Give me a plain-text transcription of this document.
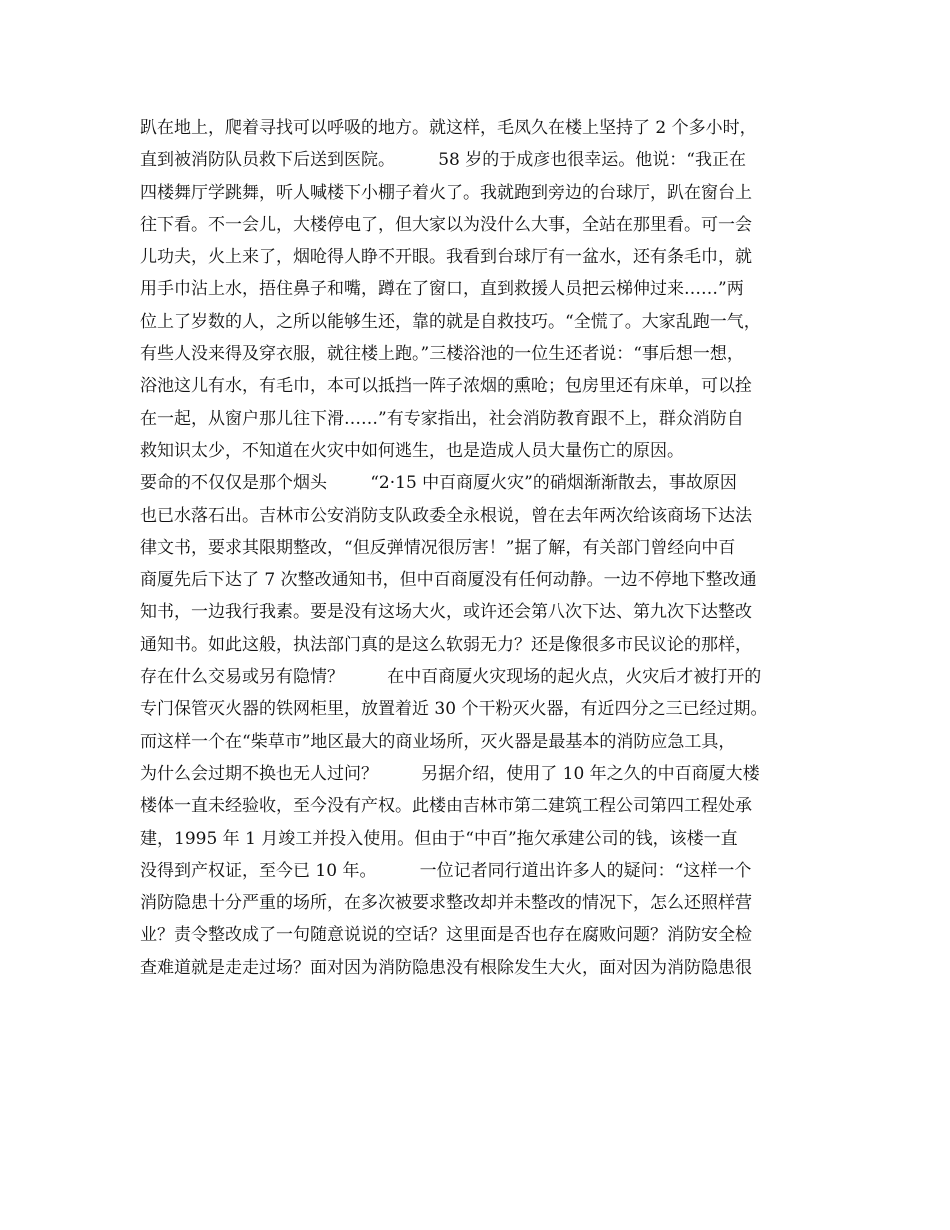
趴在地上，爬着寻找可以呼吸的地方。就这样，毛凤久在楼上坚持了 2 个多小时，
直到被消防队员救下后送到医院。        58 岁的于成彦也很幸运。他说：“我正在
四楼舞厅学跳舞，听人喊楼下小棚子着火了。我就跑到旁边的台球厅，趴在窗台上
往下看。不一会儿，大楼停电了，但大家以为没什么大事，全站在那里看。可一会
儿功夫，火上来了，烟呛得人睁不开眼。我看到台球厅有一盆水，还有条毛巾，就
用手巾沾上水，捂住鼻子和嘴，蹲在了窗口，直到救援人员把云梯伸过来……”两
位上了岁数的人，之所以能够生还，靠的就是自救技巧。“全慌了。大家乱跑一气，
有些人没来得及穿衣服，就往楼上跑。”三楼浴池的一位生还者说：“事后想一想，
浴池这儿有水，有毛巾，本可以抵挡一阵子浓烟的熏呛；包房里还有床单，可以拴
在一起，从窗户那儿往下滑……”有专家指出，社会消防教育跟不上，群众消防自
救知识太少，不知道在火灾中如何逃生，也是造成人员大量伤亡的原因。
要命的不仅仅是那个烟头        “2·15 中百商厦火灾”的硝烟渐渐散去，事故原因
也已水落石出。吉林市公安消防支队政委全永根说，曾在去年两次给该商场下达法
律文书，要求其限期整改，“但反弹情况很厉害！”据了解，有关部门曾经向中百
商厦先后下达了 7 次整改通知书，但中百商厦没有任何动静。一边不停地下整改通
知书，一边我行我素。要是没有这场大火，或许还会第八次下达、第九次下达整改
通知书。如此这般，执法部门真的是这么软弱无力？还是像很多市民议论的那样，
存在什么交易或另有隐情？        在中百商厦火灾现场的起火点，火灾后才被打开的
专门保管灭火器的铁网柜里，放置着近 30 个干粉灭火器，有近四分之三已经过期。
而这样一个在“柴草市”地区最大的商业场所，灭火器是最基本的消防应急工具，
为什么会过期不换也无人过问？        另据介绍，使用了 10 年之久的中百商厦大楼
楼体一直未经验收，至今没有产权。此楼由吉林市第二建筑工程公司第四工程处承
建，1995 年 1 月竣工并投入使用。但由于“中百”拖欠承建公司的钱，该楼一直
没得到产权证，至今已 10 年。        一位记者同行道出许多人的疑问：“这样一个
消防隐患十分严重的场所，在多次被要求整改却并未整改的情况下，怎么还照样营
业？责令整改成了一句随意说说的空话？这里面是否也存在腐败问题？消防安全检
查难道就是走走过场？面对因为消防隐患没有根除发生大火，面对因为消防隐患很
